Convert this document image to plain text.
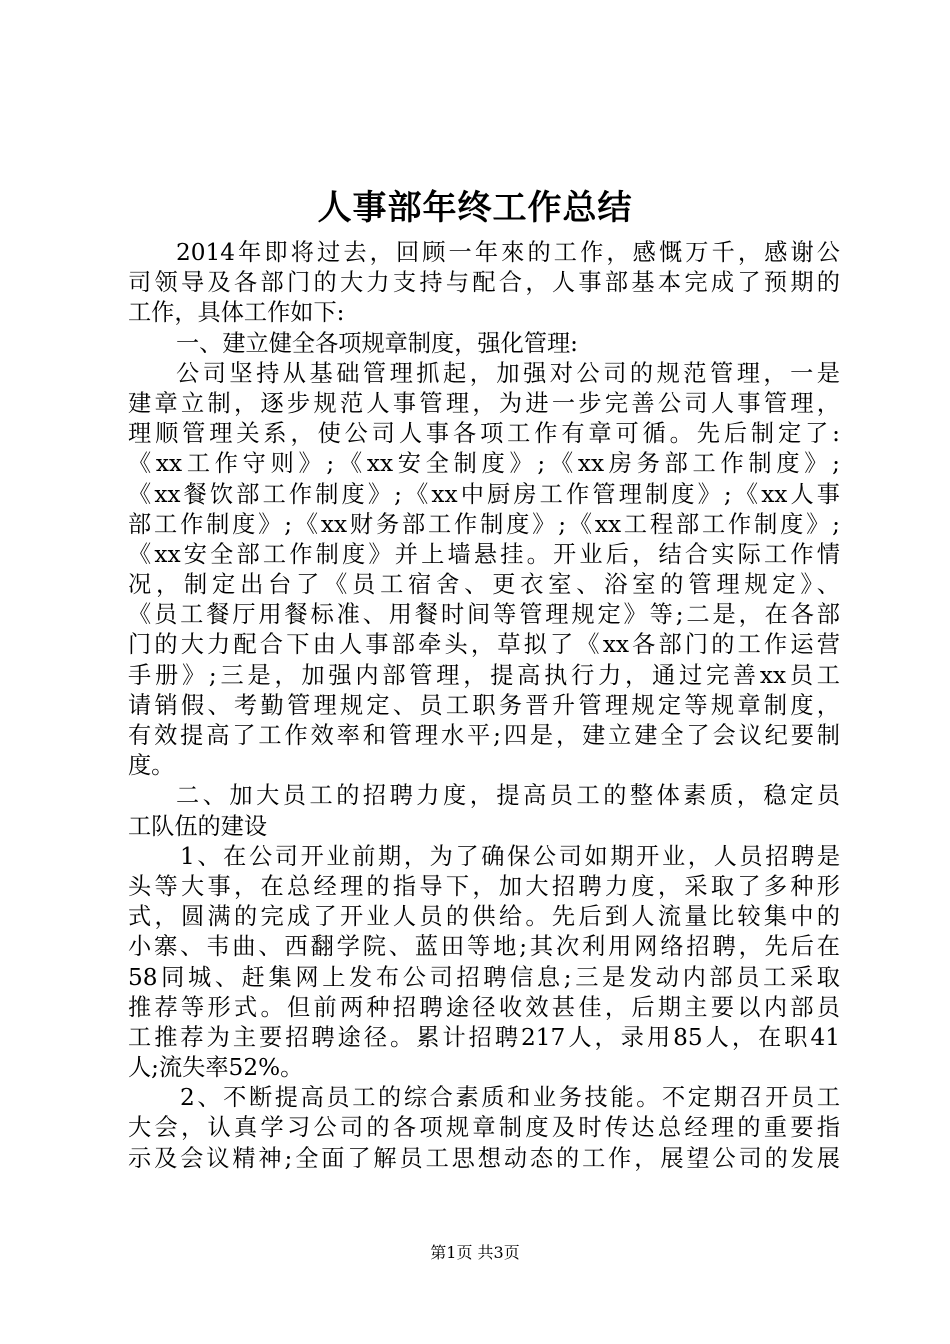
人事部年终工作总结
2014年即将过去，回顾一年來的工作，感慨万千，感谢公
司领导及各部门的大力支持与配合，人事部基本完成了预期的
工作，具体工作如下:
一、建立健全各项规章制度，强化管理:
公司坚持从基础管理抓起，加强对公司的规范管理，一是
建章立制，逐步规范人事管理，为进一步完善公司人事管理，
理顺管理关系，使公司人事各项工作有章可循。先后制定了:
《xx工作守则》;《xx安全制度》;《xx房务部工作制度》;
《xx餐饮部工作制度》;《xx中厨房工作管理制度》;《xx人事
部工作制度》;《xx财务部工作制度》;《xx工程部工作制度》;
《xx安全部工作制度》并上墙悬挂。开业后，结合实际工作情
况，制定出台了《员工宿舍、更衣室、浴室的管理规定》、
《员工餐厅用餐标准、用餐时间等管理规定》等;二是，在各部
门的大力配合下由人事部牵头，草拟了《xx各部门的工作运营
手册》;三是，加强内部管理，提高执行力，通过完善xx员工
请销假、考勤管理规定、员工职务晋升管理规定等规章制度，
有效提高了工作效率和管理水平;四是，建立建全了会议纪要制
度。
二、加大员工的招聘力度，提高员工的整体素质，稳定员
工队伍的建设
1、在公司开业前期，为了确保公司如期开业，人员招聘是
头等大事，在总经理的指导下，加大招聘力度，采取了多种形
式，圆满的完成了开业人员的供给。先后到人流量比较集中的
小寨、韦曲、西翻学院、蓝田等地;其次利用网络招聘，先后在
58同城、赶集网上发布公司招聘信息;三是发动内部员工采取
推荐等形式。但前两种招聘途径收效甚佳，后期主要以内部员
工推荐为主要招聘途径。累计招聘217人，录用85人，在职41
人;流失率52%。
2、不断提高员工的综合素质和业务技能。不定期召开员工
大会，认真学习公司的各项规章制度及时传达总经理的重要指
示及会议精神;全面了解员工思想动态的工作，展望公司的发展
第1页 共3页
